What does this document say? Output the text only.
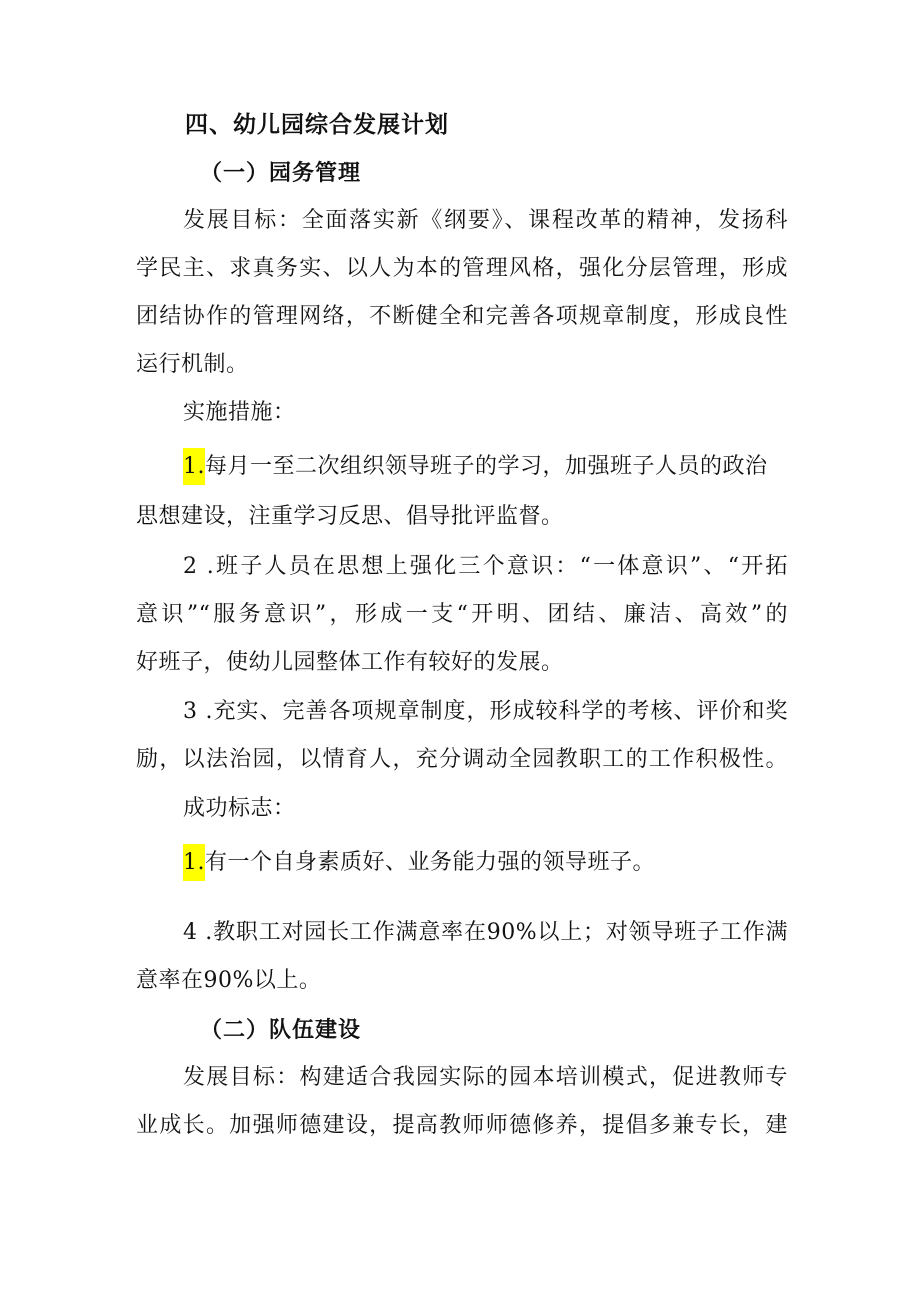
四、幼儿园综合发展计划
（一）园务管理
发展目标：全面落实新《纲要》、课程改革的精神，发扬科
学民主、求真务实、以人为本的管理风格，强化分层管理，形成
团结协作的管理网络，不断健全和完善各项规章制度，形成良性
运行机制。
实施措施：
1.每月一至二次组织领导班子的学习，加强班子人员的政治
思想建设，注重学习反思、倡导批评监督。
2 .班子人员在思想上强化三个意识：“一体意识”、“开拓
意识”“服务意识”，形成一支“开明、团结、廉洁、高效”的
好班子，使幼儿园整体工作有较好的发展。
3 .充实、完善各项规章制度，形成较科学的考核、评价和奖
励，以法治园，以情育人，充分调动全园教职工的工作积极性。
成功标志：
1.有一个自身素质好、业务能力强的领导班子。
4 .教职工对园长工作满意率在90%以上；对领导班子工作满
意率在90%以上。
（二）队伍建设
发展目标：构建适合我园实际的园本培训模式，促进教师专
业成长。加强师德建设，提高教师师德修养，提倡多兼专长，建
